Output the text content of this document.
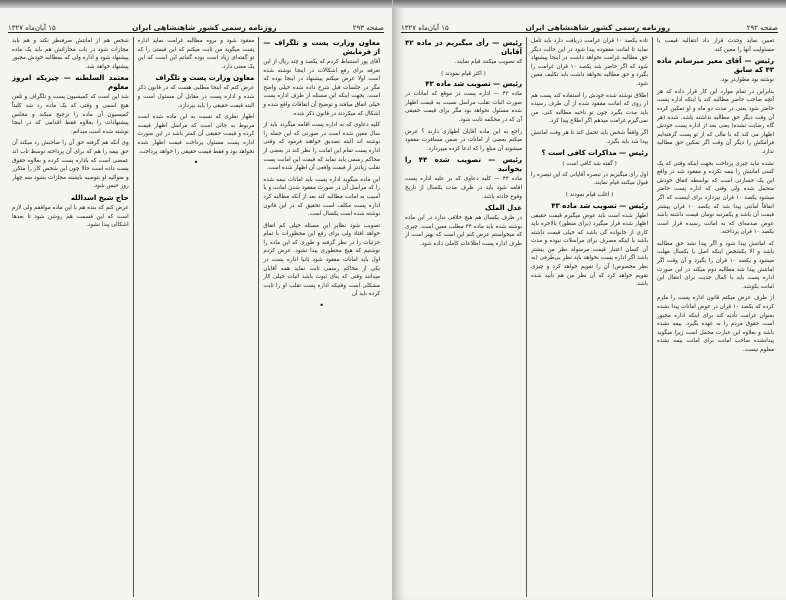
صفحه ۲۹۳
روزنامه رسمی کشور شاهنشاهی ایران
۱۵ آبان‌ماه ۱۳۲۷
معاون وزارت پست و تلگراف — از فرمایش

آقای پور استنباط کردم که یکصد و چند ریال از این تعرفه برای رفع اشکالات در اینجا نوشته شده است اولا عرض میکنم پیشنهاد در اینجا بوده که مگر در جلسات قبل شرح داده شده خیلی واضح است. بجهت اینکه این مسئله از طرف اداره پست خیلی اتفاق میافتد و توضیح آن اتفاقات واقع شده و اشکال که میکردند در قانون ذکر شده.

کلیه دعاوی که به اداره پست اقامه میگردد باید از سال معین شده است در صورتی که این جمله را نوشته اند البته تصدیق خواهند فرمود که وقتی اداره پست تمام این امانت را نظر کند در بعضی از محاکم رسمی باید نماید که قیمت این امانت پست تقلب زیادتر از قیمت واقعی آن اظهار شده است.

این ماده میگوید اداره پست باید امانات بیمه شده را که مراسل آن در صورت مفقود شدن امانت و یا آسیب به امانت مطالبه کند بعد از آنکه مطالبه کرد اداره پست مکلف است تحقیق که در این قانون نوشته شده است یکسال است.

تصویب شود نظایر این مسئله خیلی کم اتفاق خواهد افتاد ولی برای رفع این محظورات با تمام جزئیات را در نظر گرفته و طوری که این ماده را نوشتیم که هیچ محظوری پیدا نشود. عرض کردم اول باید امانات مفقود شود ثانیا اداره پست در یکی از محاکم رسمی ثابت نماید همه آقایان میدانند وقتی که بنای ثبوت باشد اثبات خیلی کار مشکلی است وقتیکه اداره پست تقلب او را ثابت کرده باید آن

•

مفقود شود و بروه مطالبه غرامت نماید اداره پست میگوید من ثابت میکنم که این قیمتی را که تو گفته‌ای زیاد است بوده گمانم این است که این یک معنی دارد.

معاون وزارت پست و تلگراف

عرض کنم که اینجا مطلبی هست که در قانون ذکر شده و اداره پست در مقابل آن مسئول است و البته قیمت حقیقی را باید بپردازد.

اظهار نظری که نسبت به این ماده شده است مربوط به جائی است که مراسل اظهار قیمت کرده و قیمت حقیقی آن کمتر باشد در این صورت اداره پست مسئول پرداخت قیمت اظهار شده نخواهد بود و فقط قیمت حقیقی را خواهد پرداخت.

•

شخص هم از امانتش صرفنظر نکند و هم باید مجازات شود در باب مجازاتش هم باید یک ماده پیشنهاد شود و اداره ولی که بمطالبه خودش مجبور پیشنهاد خواهد شد.

معتمد السلطنه — چیزیکه امروز معلوم

شد این است که کمیسیون پست و تلگراف و تلفن هیچ اسمی و وقتی که یک ماده رد شد کلیتاً کمیسیون آن ماده را ترجیح میکند و مجلس پیشنهادات را بعلاوه فقط اقدامی که در اینجا نوشته شده است میدانم.

وی آنکه هم گرفته حق آن را صاحبش رد میکند آن حق بیمه را هم که برای آن پرداخته توسط تاب اند عمضی است که باداره پست کرده و بعلاوه حقوق پست داده است حالا چون این شخص کار را متکرر و متوالیه او بتوصیه بایسته مجازات بشود سه چهار روز حبس شود.

حاج شیخ اسدالله

عرض کنم که بنده هم با این ماده موافقم ولی لازم است که این قسمت هم روشن شود تا بعدها اشکالی پیدا نشود.

صفحه ۲۹۲
روزنامه رسمی کشور شاهنشاهی ایران
۱۵ آبان‌ماه ۱۳۲۷

تعیین نماید وحدت قرار داد انتقالیه قیمت یا مسئولیت آنها را معین کند.

رئیس — آقای معیر میرسانم ماده ۴۳ که سابق

نوشته بود مطول‌تر بود.

بنابراین در تمام موارد این کار قرار داده که هر آنچه صاحب حاضر مطالبه کند یا اینکه اداره پست حاضر شود یعنی در مدت دو ماه و او تمکین کرده آن وقت دیگر حق مطالبه نداشته باشد. شده (هر گاه رضایت نشده) یعنی بعد از اداره پست خودش اظهار می کند که با مالی که از تو پست گرفته‌ایم فرامکش را دیگر آن وقت اگر تمکین حق مطالبه ندارد.

نشده نباید چیزی پرداخت بجهت اینکه وقتی که یک کسی امانتش را بیمه نکرده و مفقود شد در واقع این یک خسارتی است که بواسطه اتفاق خودش متحمل شده ولی وقتی که اداره پست حاضر میشود یکصد ۱۰ قران بپردازد برای اینست که اگر اتفاقاً امانتی پیدا شد که یکصد ۱۰ قران پیشتر قیمت آن باشد و یکمرتبه تومان قیمت داشته باشد عوض صدمه‌ای که به امانت رسیده قرار است یکصد ۱۰ قران پرداخته.

که امانتش پیدا شود و اگر پیدا نشد حق مطالبه باشد و الا یکشخص اینکه اصل یا یکسال مهلت میشود و یکصد ۱۰ قران را بگیرد و آن وقت اگر امانتش پیدا شد مطالبه دوم میکند در این صورت اداره پست باید با کمال جدیت برای انتقال این امانت بکوشد.

از طرف عرض میکنم قانون اداره پست را ملزم کرده که یکصد ۱۰ قران در عوض امانات پیدا نشده بعنوان غرامت تأدیه کند برای اینکه اداره مجبور است حقوق مردم را به عهده بگیرد. بیمه نشده باشد و بعلاوه این عبارت محمل است زیرا میگوید پیدانشده صاحب امانت برای امانت بیمه نشده معلوم نیست.

تاده یکصد ۱۰ قران غرامت دریافت دارد باید تأمل نماید تا امانت مفقوده پیدا شود در این حالت دیگر حق مطالبه غرامت نخواهد داشت در اینجا پیشنهاد شود که اگر حاضر شد یکصد ۱۰ قران غرامت را بگیرد و حق مطالبه نخواهد داشت باید تکلیف معین شود.

اطلاق نوشته شده خودش را استفاده کند پست هم از روی که امانت مفقود شده از آن طرف رسیده باید مدت بگیرد چون تو ناحیه مطالبه کنی. من نمی‌گیرم غرامت میدهم اگر اطلاع پیدا کرد.

اگر واقعاً شخص باید تحمل کند تا هر وقت امانتش پیدا شد باید بگیرد.

رئیس — مذاکرات کافی است ؟
( گفته شد کافی است )

اول رأی میگیریم در تبصره آقایانی که این تبصره را قبول میکنند قیام نمایند.

( اغلب قیام نمودند )
رئیس — تصویب شد ماده ۴۳

اظهار شده است باید عوض میگیرم قیمت حقیقی اظهار شده قرار میگیرد (برای منظور) بالاخره باید کاری از خانواده گی باشد که خیلی قیمت داشته باشد یا اینکه مصرف برای مراسلات نبوده و مدت آن کسان اعتبار قیمت مرسوله نظر من بیشتر باشد اگر اداره پست بخواهد باید نظر بی‌طرفی (به نظر مخصوص) آن را تقویم خواهد کرد و چیزی تقویم خواهد کرد که آن نظر من هم تأیید شده باشد.

رئیس — رأی میگیریم در ماده ۴۲ آقایان

که تصویب میکنند قیام نمایند.

( اکثر قیام نمودند )
رئیس — تصویب شد ماده ۴۳

ماده ۴۳ — اداره پست در موقع که امانات در صورت اثبات تقلب مراسل نسبت به قیمت اظهار شده مسئول نخواهد بود مگر برای قیمت حقیقی آن که در محکمه ثابت شود.

راجع به این ماده آقایان اظهاری دارند ؟ عرض میکنم بعضی از امانات در ضمن مسافرت مفقود میشوند آن مبلغ را که ادعا کرده میپردازد.

رئیس — تصویب شده ۴۴ را بخوانید

ماده ۴۴ — کلیه دعاوی که بر علیه اداره پست اقامه شود باید در ظرف مدت یکسال از تاریخ وقوع حادثه باشد.

عدل الملک

در ظرف یکسال هم هیچ خلافی ندارد در این ماده نوشته شده باید ماده ۴۴ مطلب معین است. چیزی که میخواستم عرض کنم این است که بهتر است از طرف اداره پست اطلاعات کاملی داده شود.
